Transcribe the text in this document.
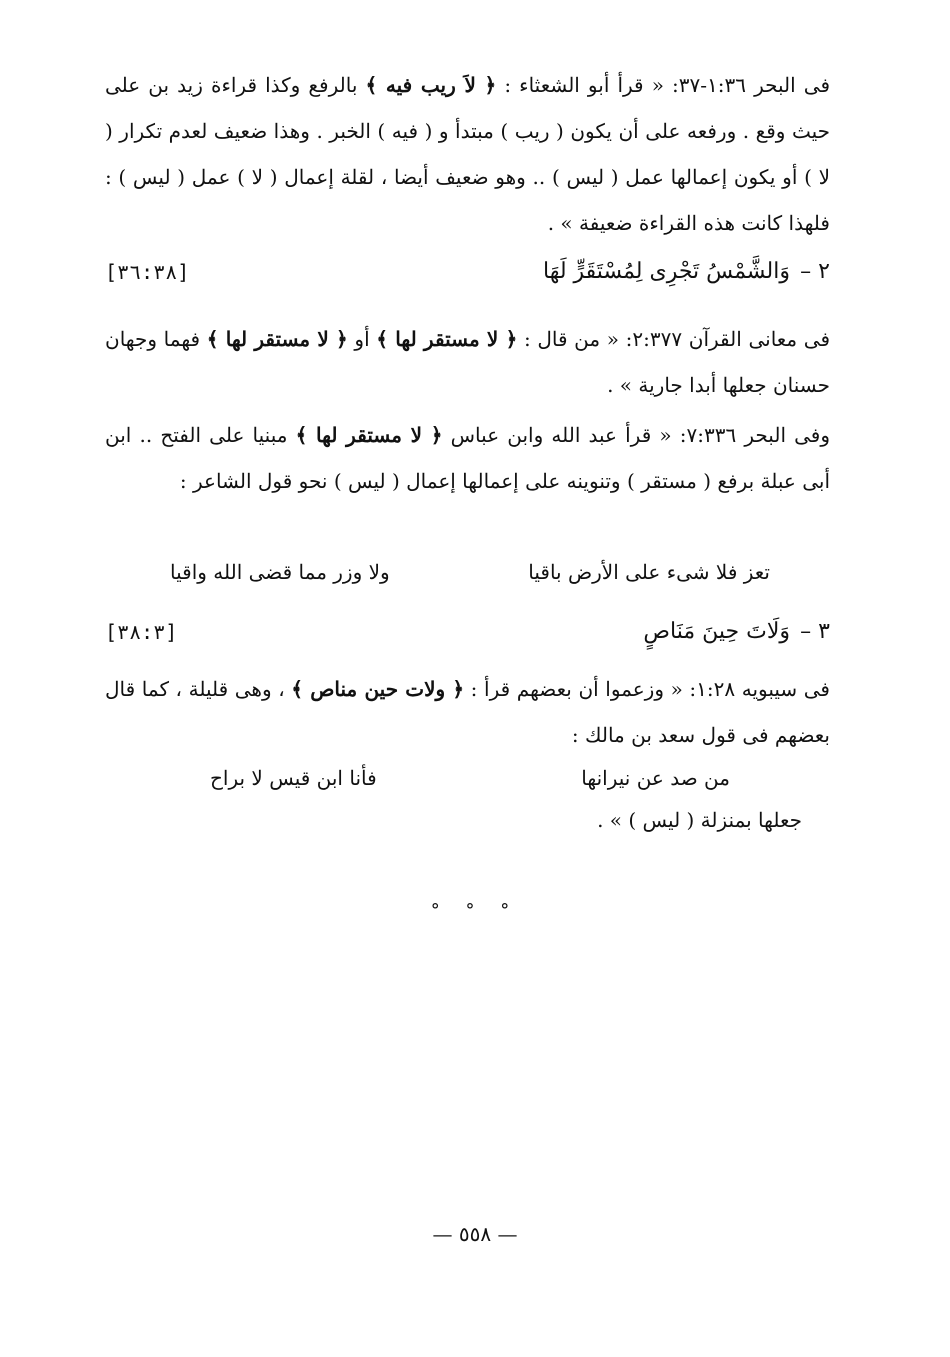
فى البحر ١:٣٦-٣٧: « قرأ أبو الشعثاء : ﴿ لاَ ريب فيه ﴾ بالرفع وكذا قراءة زيد بن على حيث وقع . ورفعه على أن يكون ( ريب ) مبتدأ و ( فيه ) الخبر . وهذا ضعيف لعدم تكرار ( لا ) أو يكون إعمالها عمل ( ليس ) .. وهو ضعيف أيضا ، لقلة إعمال ( لا ) عمل ( ليس ) : فلهذا كانت هذه القراءة ضعيفة » .
٢ –
وَالشَّمْسُ تَجْرِى لِمُسْتَقَرٍّ لَهَا
[٣٦:٣٨]
فى معانى القرآن ٢:٣٧٧: « من قال : ﴿ لا مستقر لها ﴾ أو ﴿ لا مستقر لها ﴾ فهما وجهان حسنان جعلها أبدا جارية » .
وفى البحر ٧:٣٣٦: « قرأ عبد الله وابن عباس ﴿ لا مستقر لها ﴾ مبنيا على الفتح .. ابن أبى عبلة برفع ( مستقر ) وتنوينه على إعمالها إعمال ( ليس ) نحو قول الشاعر :
تعز فلا شىء على الأرض باقيا
ولا وزر مما قضى الله واقيا
٣ –
وَلَاتَ حِينَ مَنَاصٍ
[٣٨:٣]
فى سيبويه ١:٢٨: « وزعموا أن بعضهم قرأ : ﴿ ولات حين مناص ﴾ ، وهى قليلة ، كما قال بعضهم فى قول سعد بن مالك :
من صد عن نيرانها
فأنا ابن قيس لا براح
جعلها بمنزلة ( ليس ) » .
° ° °
— ٥٥٨ —
